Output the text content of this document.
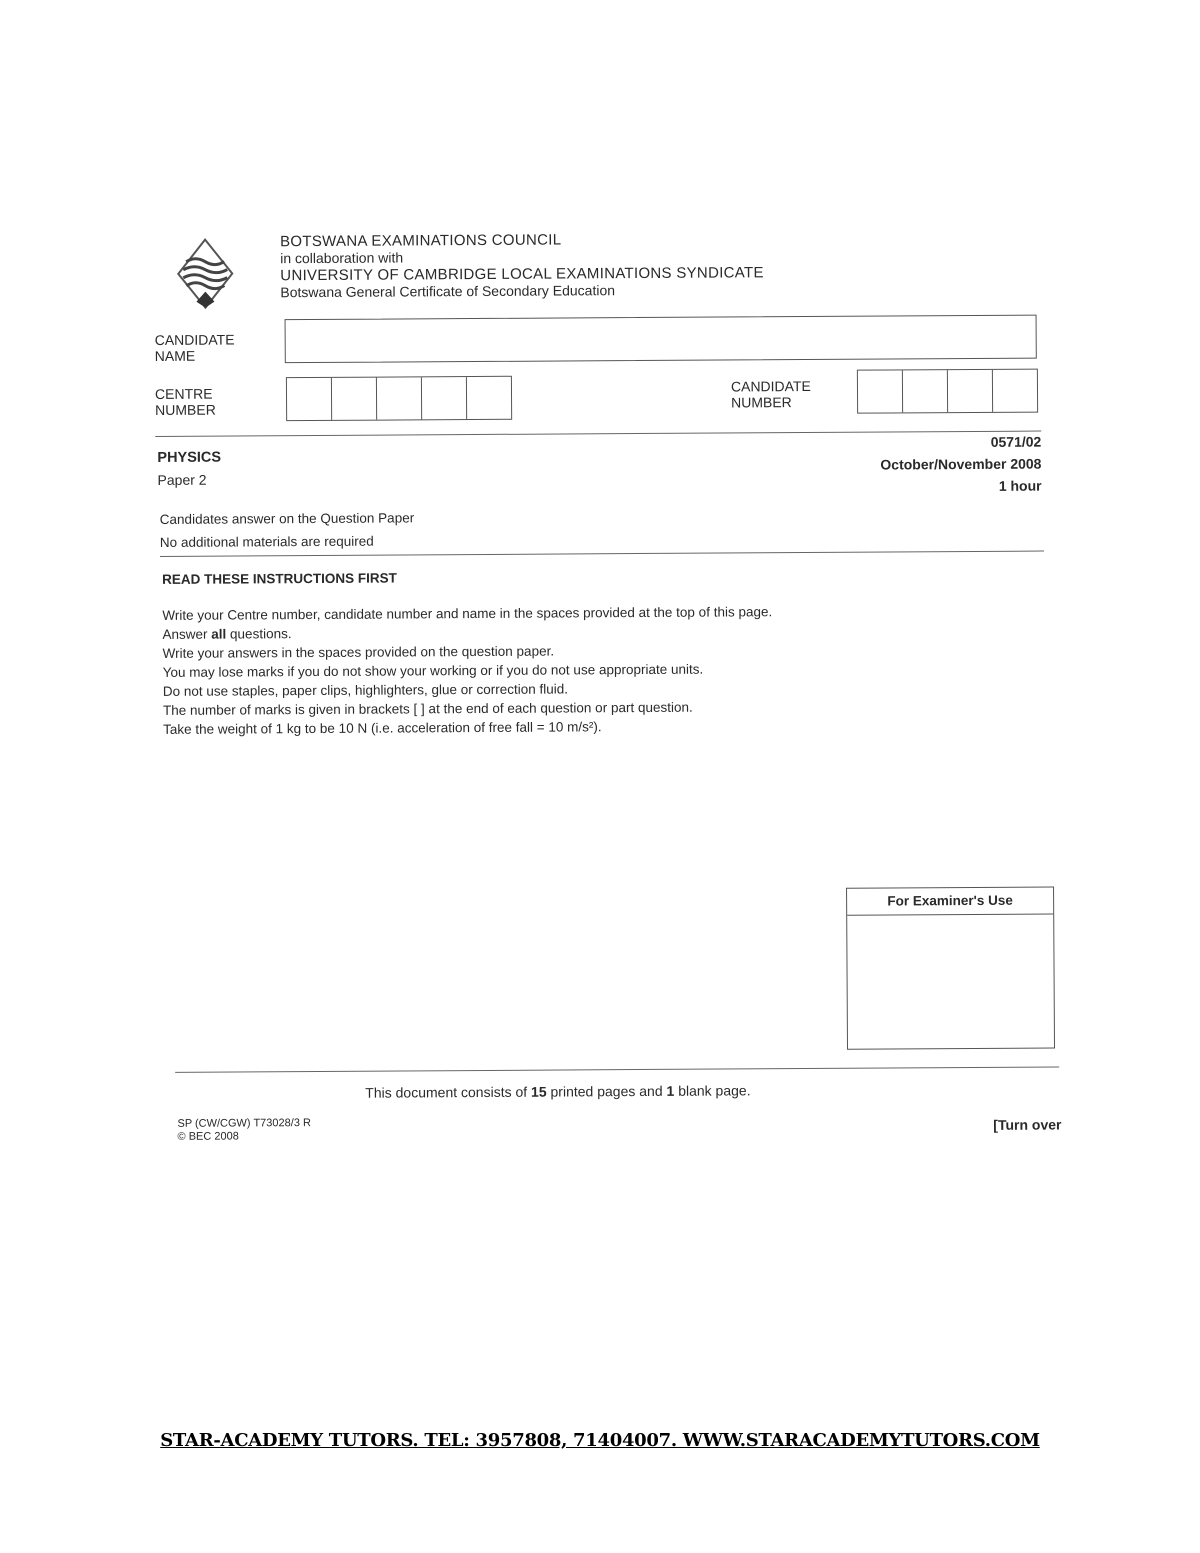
BOTSWANA EXAMINATIONS COUNCIL
in collaboration with
UNIVERSITY OF CAMBRIDGE LOCAL EXAMINATIONS SYNDICATE
Botswana General Certificate of Secondary Education
CANDIDATE
NAME
CENTRE
NUMBER
CANDIDATE
NUMBER
PHYSICS
Paper 2
0571/02
October/November 2008
1 hour
Candidates answer on the Question Paper
No additional materials are required
READ THESE INSTRUCTIONS FIRST
Write your Centre number, candidate number and name in the spaces provided at the top of this page.
Answer all questions.
Write your answers in the spaces provided on the question paper.
You may lose marks if you do not show your working or if you do not use appropriate units.
Do not use staples, paper clips, highlighters, glue or correction fluid.
The number of marks is given in brackets [ ] at the end of each question or part question.
Take the weight of 1 kg to be 10 N (i.e. acceleration of free fall = 10 m/s²).
For Examiner's Use
This document consists of 15 printed pages and 1 blank page.
SP (CW/CGW) T73028/3 R
© BEC 2008
[Turn over
STAR-ACADEMY TUTORS. TEL: 3957808, 71404007. WWW.STARACADEMYTUTORS.COM
